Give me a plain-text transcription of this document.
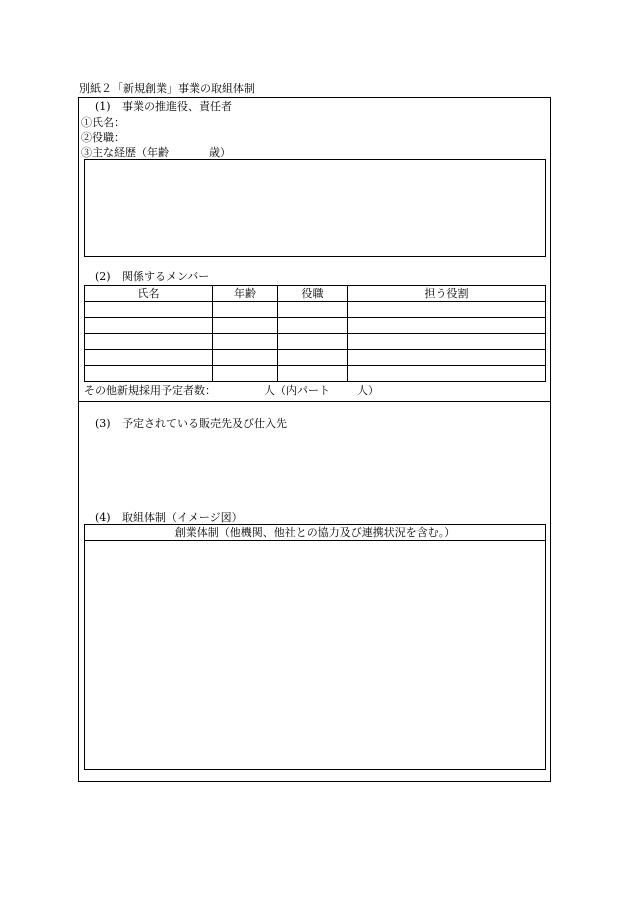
別紙２「新規創業」事業の取組体制
(1) 事業の推進役、責任者
①氏名：
②役職：
③主な経歴（年齢	歳）
(2) 関係するメンバー
氏名	年齢	役職	担う役割

その他新規採用予定者数：	人（内パート 人）
(3) 予定されている販売先及び仕入先
(4) 取組体制（イメージ図）
創業体制（他機関、他社との協力及び連携状況を含む。）
